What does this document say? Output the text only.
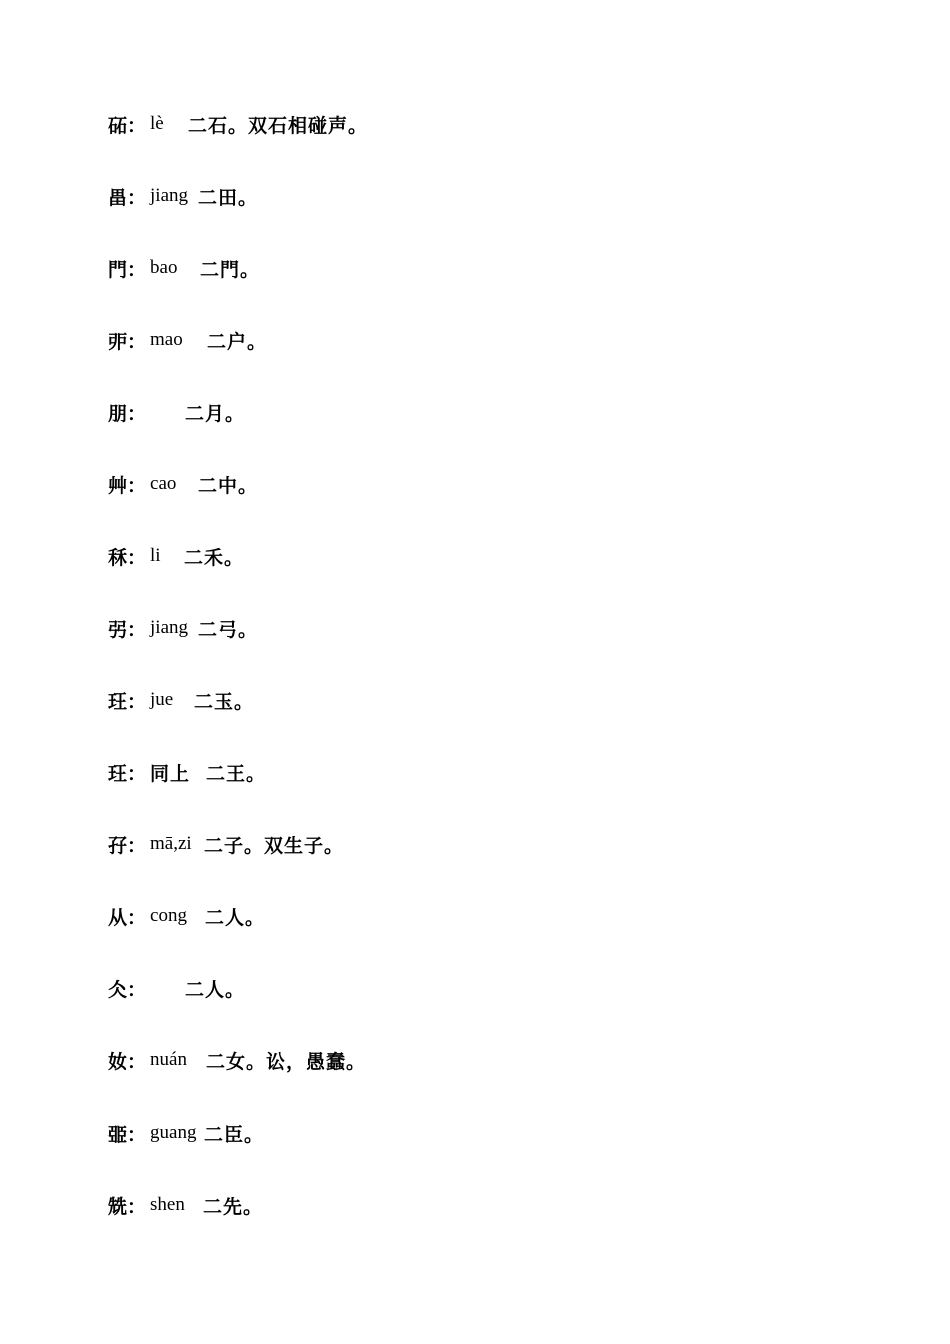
砳 ： lè	二石。双石相碰声。
畕 ： jiang 二田。
門 ： bao	二門。
戼 ： mao	二户。
朋 ： 二月。
艸 ： cao	二中。
秝 ： li	二禾。
弜 ： jiang 二弓。
玨 ： jue	二玉。
玨 ： 同上 二王。
孖 ： mā,zi 二子。双生子。
从 ： cong 二人。
仌 ： 二人。
奻 ： nuán	二女。讼，愚蠢。
臦 ： guang 二臣。
兟 ： shen 二先。
